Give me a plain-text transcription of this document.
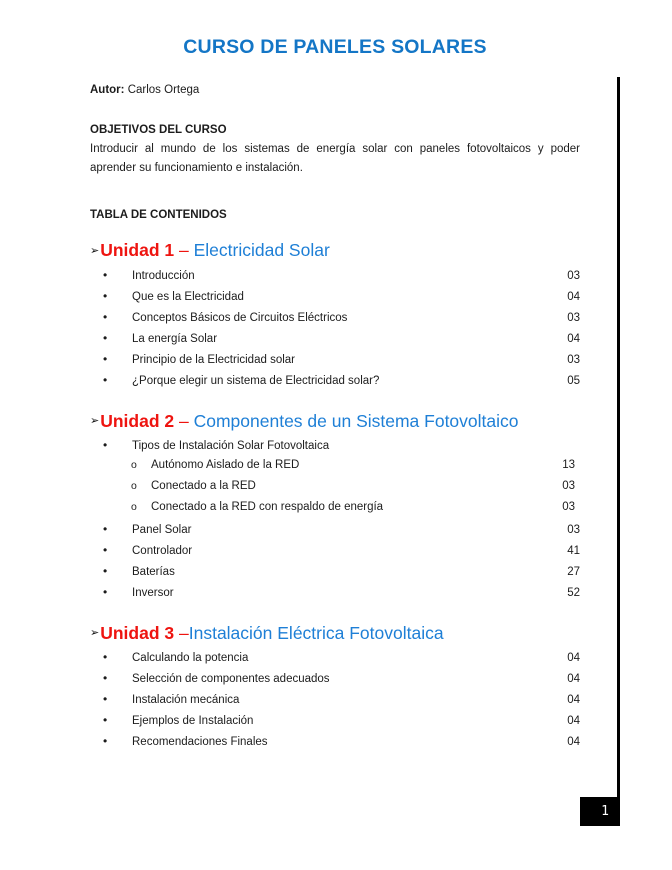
1
CURSO DE PANELES SOLARES

Autor: Carlos Ortega

OBJETIVOS DEL CURSO

Introducir al mundo de los sistemas de energía solar con paneles fotovoltaicos y poder aprender su funcionamiento e instalación.

TABLA DE CONTENIDOS

➢Unidad 1 – Electricidad Solar
•	Introducción	03
•	Que es la Electricidad	04
•	Conceptos Básicos de Circuitos Eléctricos	03
•	La energía Solar	04
•	Principio de la Electricidad solar	03
•	¿Porque elegir un sistema de Electricidad solar?	05
➢Unidad 2 – Componentes de un Sistema Fotovoltaico
•	Tipos de Instalación Solar Fotovoltaica
o	Autónomo Aislado de la RED	13
o	Conectado a la RED	03
o	Conectado a la RED con respaldo de energía	03
•	Panel Solar	03
•	Controlador	41
•	Baterías	27
•	Inversor	52
➢Unidad 3 –Instalación Eléctrica Fotovoltaica
•	Calculando la potencia	04
•	Selección de componentes adecuados	04
•	Instalación mecánica	04
•	Ejemplos de Instalación	04
•	Recomendaciones Finales	04
